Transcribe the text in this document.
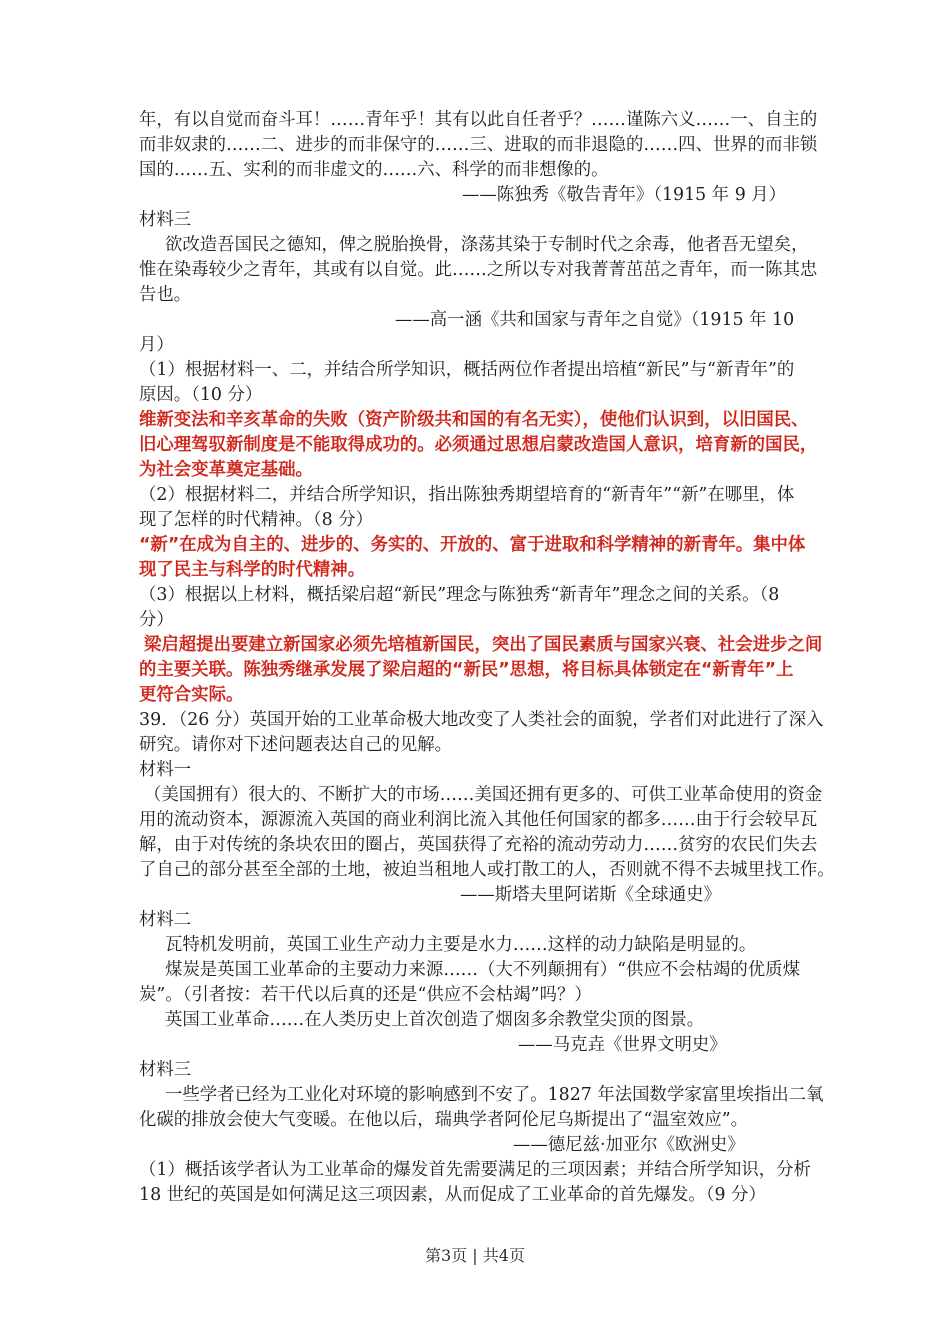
年，有以自觉而奋斗耳！……青年乎！其有以此自任者乎？……谨陈六义……一、自主的
而非奴隶的……二、进步的而非保守的……三、进取的而非退隐的……四、世界的而非锁
国的……五、实利的而非虚文的……六、科学的而非想像的。
——陈独秀《敬告青年》（1915 年 9 月）
材料三
欲改造吾国民之德知，俾之脱胎换骨，涤荡其染于专制时代之余毒，他者吾无望矣，
惟在染毒较少之青年，其或有以自觉。此……之所以专对我菁菁茁茁之青年，而一陈其忠
告也。
——高一涵《共和国家与青年之自觉》（1915 年 10
月）
（1）根据材料一、二，并结合所学知识，概括两位作者提出培植“新民”与“新青年”的
原因。（10 分）
维新变法和辛亥革命的失败（资产阶级共和国的有名无实），使他们认识到，以旧国民、
旧心理驾驭新制度是不能取得成功的。必须通过思想启蒙改造国人意识，培育新的国民，
为社会变革奠定基础。
（2）根据材料二，并结合所学知识，指出陈独秀期望培育的“新青年”“新”在哪里，体
现了怎样的时代精神。（8 分）
“新”在成为自主的、进步的、务实的、开放的、富于进取和科学精神的新青年。集中体
现了民主与科学的时代精神。
（3）根据以上材料，概括梁启超“新民”理念与陈独秀“新青年”理念之间的关系。（8
分）
梁启超提出要建立新国家必须先培植新国民，突出了国民素质与国家兴衰、社会进步之间
的主要关联。陈独秀继承发展了梁启超的“新民”思想，将目标具体锁定在“新青年”上
更符合实际。
39．（26 分）英国开始的工业革命极大地改变了人类社会的面貌，学者们对此进行了深入
研究。请你对下述问题表达自己的见解。
材料一
（美国拥有）很大的、不断扩大的市场……美国还拥有更多的、可供工业革命使用的资金
用的流动资本，源源流入英国的商业利润比流入其他任何国家的都多……由于行会较早瓦
解，由于对传统的条块农田的圈占，英国获得了充裕的流动劳动力……贫穷的农民们失去
了自己的部分甚至全部的土地，被迫当租地人或打散工的人，否则就不得不去城里找工作。
——斯塔夫里阿诺斯《全球通史》
材料二
瓦特机发明前，英国工业生产动力主要是水力……这样的动力缺陷是明显的。
煤炭是英国工业革命的主要动力来源……（大不列颠拥有）“供应不会枯竭的优质煤
炭”。（引者按：若干代以后真的还是“供应不会枯竭”吗？）
英国工业革命……在人类历史上首次创造了烟囱多余教堂尖顶的图景。
——马克垚《世界文明史》
材料三
一些学者已经为工业化对环境的影响感到不安了。1827 年法国数学家富里埃指出二氧
化碳的排放会使大气变暖。在他以后，瑞典学者阿伦尼乌斯提出了“温室效应”。
——德尼兹·加亚尔《欧洲史》
（1）概括该学者认为工业革命的爆发首先需要满足的三项因素；并结合所学知识，分析
18 世纪的英国是如何满足这三项因素，从而促成了工业革命的首先爆发。（9 分）
第3页 | 共4页
